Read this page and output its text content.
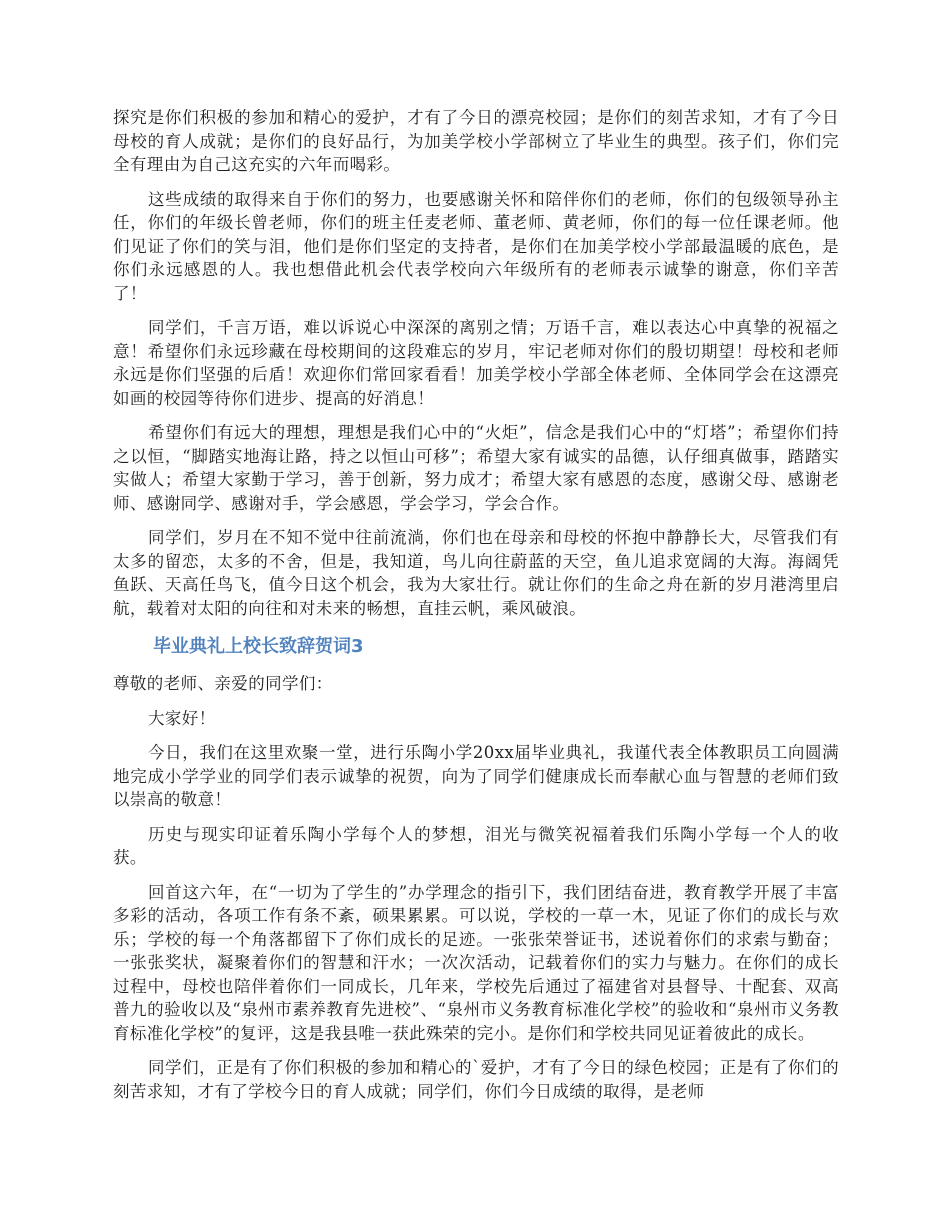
探究是你们积极的参加和精心的爱护，才有了今日的漂亮校园；是你们的刻苦求知，才有了今日母校的育人成就；是你们的良好品行，为加美学校小学部树立了毕业生的典型。孩子们，你们完全有理由为自己这充实的六年而喝彩。

这些成绩的取得来自于你们的努力，也要感谢关怀和陪伴你们的老师，你们的包级领导孙主任，你们的年级长曾老师，你们的班主任麦老师、董老师、黄老师，你们的每一位任课老师。他们见证了你们的笑与泪，他们是你们坚定的支持者，是你们在加美学校小学部最温暖的底色，是你们永远感恩的人。我也想借此机会代表学校向六年级所有的老师表示诚挚的谢意，你们辛苦了！

同学们，千言万语，难以诉说心中深深的离别之情；万语千言，难以表达心中真挚的祝福之意！希望你们永远珍藏在母校期间的这段难忘的岁月，牢记老师对你们的殷切期望！母校和老师永远是你们坚强的后盾！欢迎你们常回家看看！加美学校小学部全体老师、全体同学会在这漂亮如画的校园等待你们进步、提高的好消息！

希望你们有远大的理想，理想是我们心中的“火炬”，信念是我们心中的“灯塔”；希望你们持之以恒，“脚踏实地海让路，持之以恒山可移”；希望大家有诚实的品德，认仔细真做事，踏踏实实做人；希望大家勤于学习，善于创新，努力成才；希望大家有感恩的态度，感谢父母、感谢老师、感谢同学、感谢对手，学会感恩，学会学习，学会合作。

同学们，岁月在不知不觉中往前流淌，你们也在母亲和母校的怀抱中静静长大，尽管我们有太多的留恋，太多的不舍，但是，我知道，鸟儿向往蔚蓝的天空，鱼儿追求宽阔的大海。海阔凭鱼跃、天高任鸟飞，值今日这个机会，我为大家壮行。就让你们的生命之舟在新的岁月港湾里启航，载着对太阳的向往和对未来的畅想，直挂云帆，乘风破浪。

毕业典礼上校长致辞贺词3

尊敬的老师、亲爱的同学们：

大家好！

今日，我们在这里欢聚一堂，进行乐陶小学20xx届毕业典礼，我谨代表全体教职员工向圆满地完成小学学业的同学们表示诚挚的祝贺，向为了同学们健康成长而奉献心血与智慧的老师们致以崇高的敬意！

历史与现实印证着乐陶小学每个人的梦想，泪光与微笑祝福着我们乐陶小学每一个人的收获。

回首这六年，在“一切为了学生的”办学理念的指引下，我们团结奋进，教育教学开展了丰富多彩的活动，各项工作有条不紊，硕果累累。可以说，学校的一草一木，见证了你们的成长与欢乐；学校的每一个角落都留下了你们成长的足迹。一张张荣誉证书，述说着你们的求索与勤奋；一张张奖状，凝聚着你们的智慧和汗水；一次次活动，记载着你们的实力与魅力。在你们的成长过程中，母校也陪伴着你们一同成长，几年来，学校先后通过了福建省对县督导、十配套、双高普九的验收以及“泉州市素养教育先进校”、“泉州市义务教育标准化学校”的验收和“泉州市义务教育标准化学校”的复评，这是我县唯一获此殊荣的完小。是你们和学校共同见证着彼此的成长。

同学们，正是有了你们积极的参加和精心的`爱护，才有了今日的绿色校园；正是有了你们的刻苦求知，才有了学校今日的育人成就；同学们，你们今日成绩的取得，是老师
